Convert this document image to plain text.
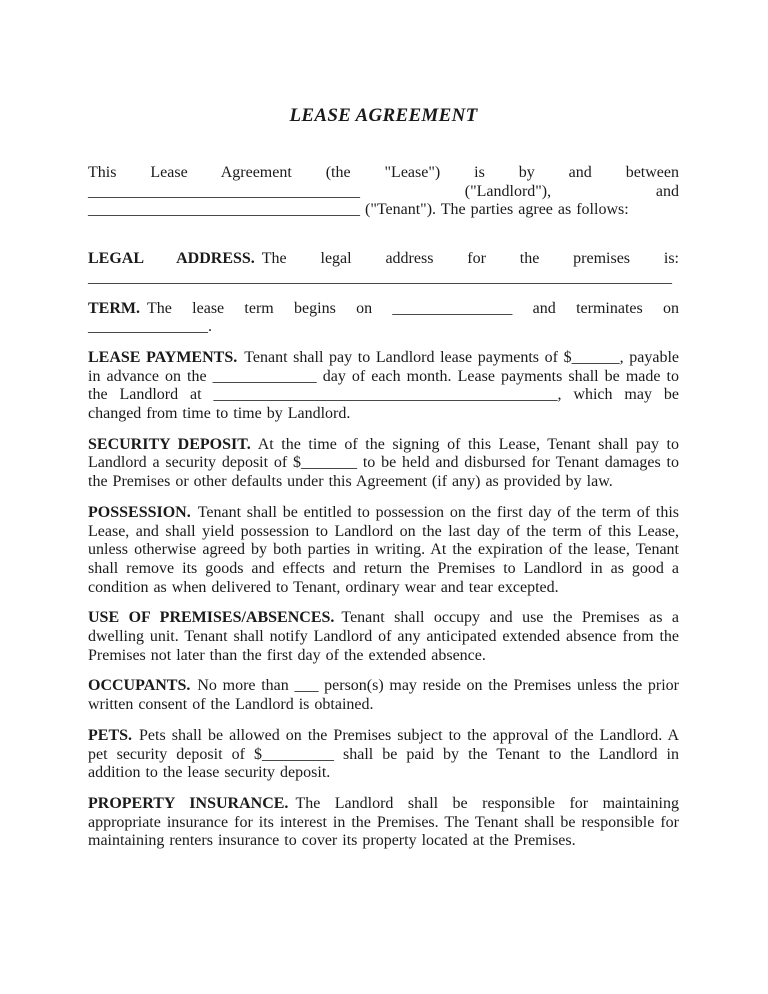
LEASE AGREEMENT

This Lease Agreement (the "Lease") is by and between __________________________________ ("Landlord"), and __________________________________ ("Tenant"). The parties agree as follows:

LEGAL ADDRESS. The legal address for the premises is: _________________________________________________________________________

TERM. The lease term begins on _______________ and terminates on _______________.

LEASE PAYMENTS. Tenant shall pay to Landlord lease payments of $______, payable in advance on the _____________ day of each month. Lease payments shall be made to the Landlord at ___________________________________________, which may be changed from time to time by Landlord.

SECURITY DEPOSIT. At the time of the signing of this Lease, Tenant shall pay to Landlord a security deposit of $_______ to be held and disbursed for Tenant damages to the Premises or other defaults under this Agreement (if any) as provided by law.

POSSESSION. Tenant shall be entitled to possession on the first day of the term of this Lease, and shall yield possession to Landlord on the last day of the term of this Lease, unless otherwise agreed by both parties in writing. At the expiration of the lease, Tenant shall remove its goods and effects and return the Premises to Landlord in as good a condition as when delivered to Tenant, ordinary wear and tear excepted.

USE OF PREMISES/ABSENCES. Tenant shall occupy and use the Premises as a dwelling unit. Tenant shall notify Landlord of any anticipated extended absence from the Premises not later than the first day of the extended absence.

OCCUPANTS. No more than ___ person(s) may reside on the Premises unless the prior written consent of the Landlord is obtained.

PETS. Pets shall be allowed on the Premises subject to the approval of the Landlord. A pet security deposit of $_________ shall be paid by the Tenant to the Landlord in addition to the lease security deposit.

PROPERTY INSURANCE. The Landlord shall be responsible for maintaining appropriate insurance for its interest in the Premises. The Tenant shall be responsible for maintaining renters insurance to cover its property located at the Premises.
